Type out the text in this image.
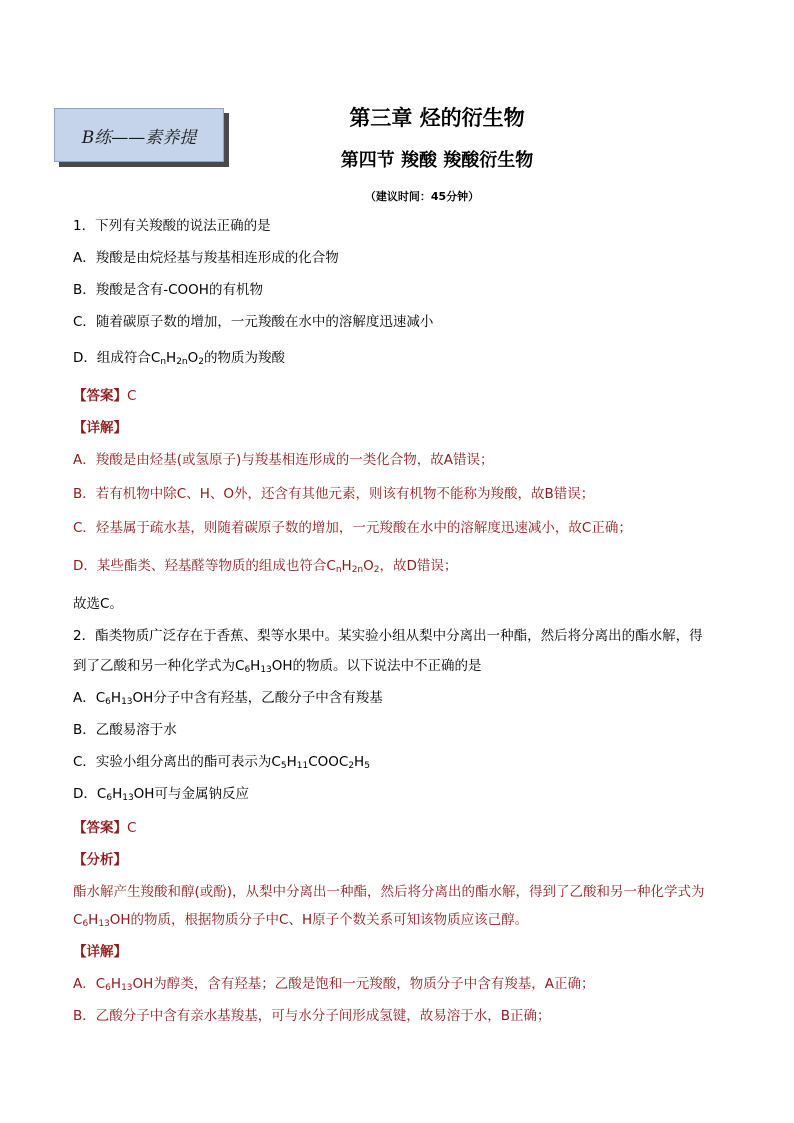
B练——素养提
第三章 烃的衍生物
第四节 羧酸 羧酸衍生物
（建议时间：45分钟）

1．下列有关羧酸的说法正确的是

A．羧酸是由烷烃基与羧基相连形成的化合物

B．羧酸是含有-COOH的有机物

C．随着碳原子数的增加，一元羧酸在水中的溶解度迅速减小

D．组成符合$C_nH_{2n}O_2$的物质为羧酸

【答案】C

【详解】

A．羧酸是由烃基(或氢原子)与羧基相连形成的一类化合物，故A错误；

B．若有机物中除C、H、O外，还含有其他元素，则该有机物不能称为羧酸，故B错误；

C．烃基属于疏水基，则随着碳原子数的增加，一元羧酸在水中的溶解度迅速减小，故C正确；

D．某些酯类、羟基醛等物质的组成也符合$C_nH_{2n}O_2$，故D错误；

故选C。

2．酯类物质广泛存在于香蕉、梨等水果中。某实验小组从梨中分离出一种酯，然后将分离出的酯水解，得

到了乙酸和另一种化学式为$C_6H_{13}OH$的物质。以下说法中不正确的是

A．$C_6H_{13}OH$分子中含有羟基，乙酸分子中含有羧基

B．乙酸易溶于水

C．实验小组分离出的酯可表示为$C_5H_{11}COOC_2H_5$

D．$C_6H_{13}OH$可与金属钠反应

【答案】C

【分析】

酯水解产生羧酸和醇(或酚)，从梨中分离出一种酯，然后将分离出的酯水解，得到了乙酸和另一种化学式为

$C_6H_{13}OH$的物质，根据物质分子中C、H原子个数关系可知该物质应该己醇。

【详解】

A．$C_6H_{13}OH$为醇类，含有羟基；乙酸是饱和一元羧酸，物质分子中含有羧基，A正确；

B．乙酸分子中含有亲水基羧基，可与水分子间形成氢键，故易溶于水，B正确；
